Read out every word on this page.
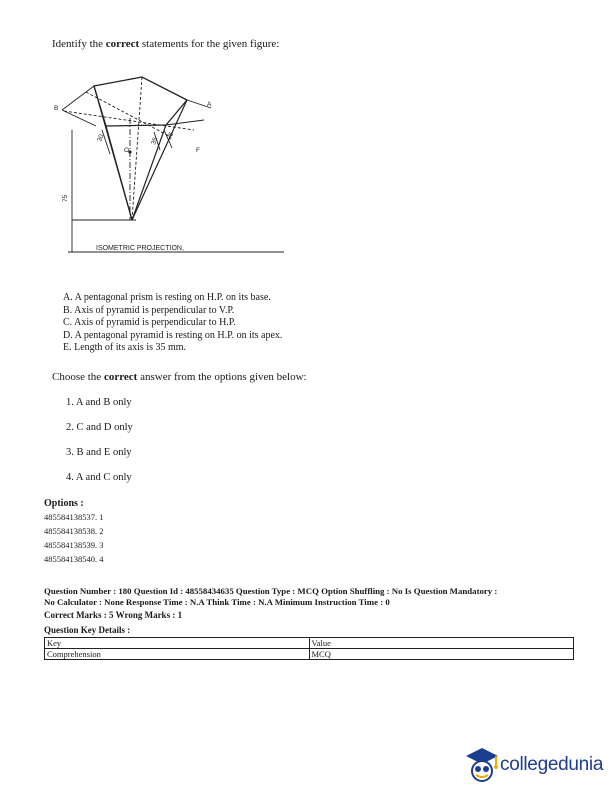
Identify the correct statements for the given figure:
B
A
F
O
75
30	35
26
ISOMETRIC PROJECTION,
A. A pentagonal prism is resting on H.P. on its base.
B. Axis of pyramid is perpendicular to V.P.
C. Axis of pyramid is perpendicular to H.P.
D. A pentagonal pyramid is resting on H.P. on its apex.
E. Length of its axis is 35 mm.
Choose the correct answer from the options given below:
1. A and B only
2. C and D only
3. B and E only
4. A and C only
Options :
485584138537. 1
485584138538. 2
485584138539. 3
485584138540. 4
Question Number : 180 Question Id : 48558434635 Question Type : MCQ Option Shuffling : No Is Question Mandatory :
No Calculator : None Response Time : N.A Think Time : N.A Minimum Instruction Time : 0
Correct Marks : 5 Wrong Marks : 1
Question Key Details :
Key	Value
Comprehension	MCQ
collegedunia
